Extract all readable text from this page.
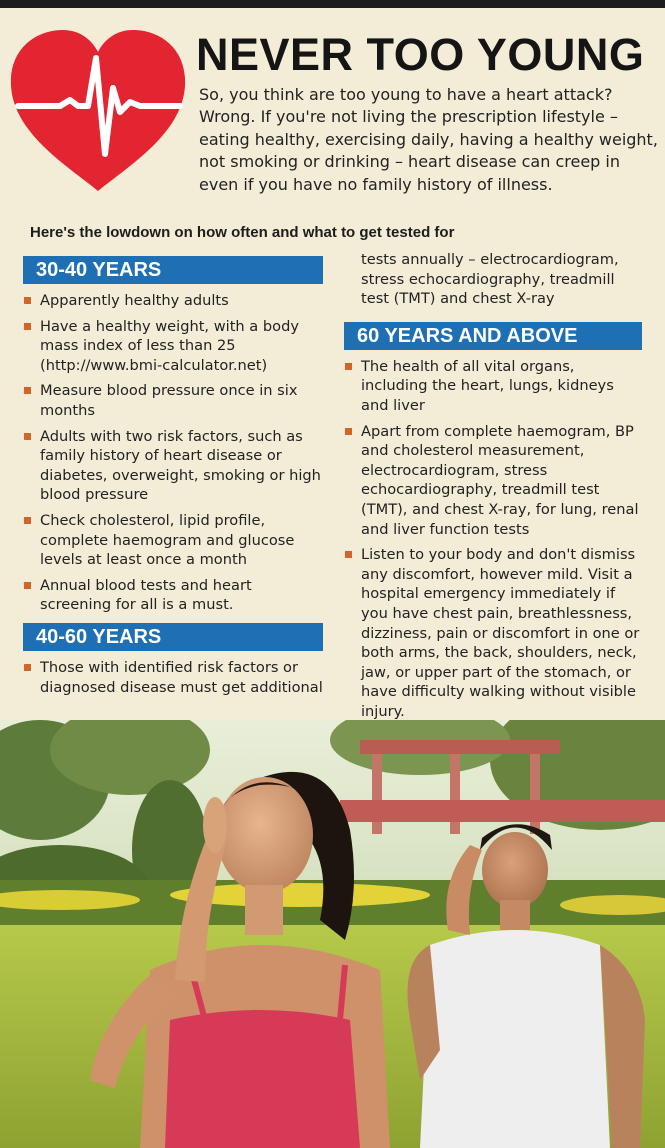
NEVER TOO YOUNG
So, you think are too young to have a heart attack? Wrong. If you're not living the prescription lifestyle – eating healthy, exercising daily, having a healthy weight, not smoking or drinking – heart disease can creep in even if you have no family history of illness.
Here's the lowdown on how often and what to get tested for
30-40 YEARS
Apparently healthy adults
Have a healthy weight, with a body mass index of less than 25 (http://www.bmi-calculator.net)
Measure blood pressure once in six months
Adults with two risk factors, such as family history of heart disease or diabetes, overweight, smoking or high blood pressure
Check cholesterol, lipid profile, complete haemogram and glucose levels at least once a month
Annual blood tests and heart screening for all is a must.
40-60 YEARS
Those with identified risk factors or diagnosed disease must get additional
tests annually – electrocardiogram, stress echocardiography, treadmill test (TMT) and chest X-ray
60 YEARS AND ABOVE
The health of all vital organs, including the heart, lungs, kidneys and liver
Apart from complete haemogram, BP and cholesterol measurement, electrocardiogram, stress echocardiography, treadmill test (TMT), and chest X-ray, for lung, renal and liver function tests
Listen to your body and don't dismiss any discomfort, however mild. Visit a hospital emergency immediately if you have chest pain, breathlessness, dizziness, pain or discomfort in one or both arms, the back, shoulders, neck, jaw, or upper part of the stomach, or have difficulty walking without visible injury.
